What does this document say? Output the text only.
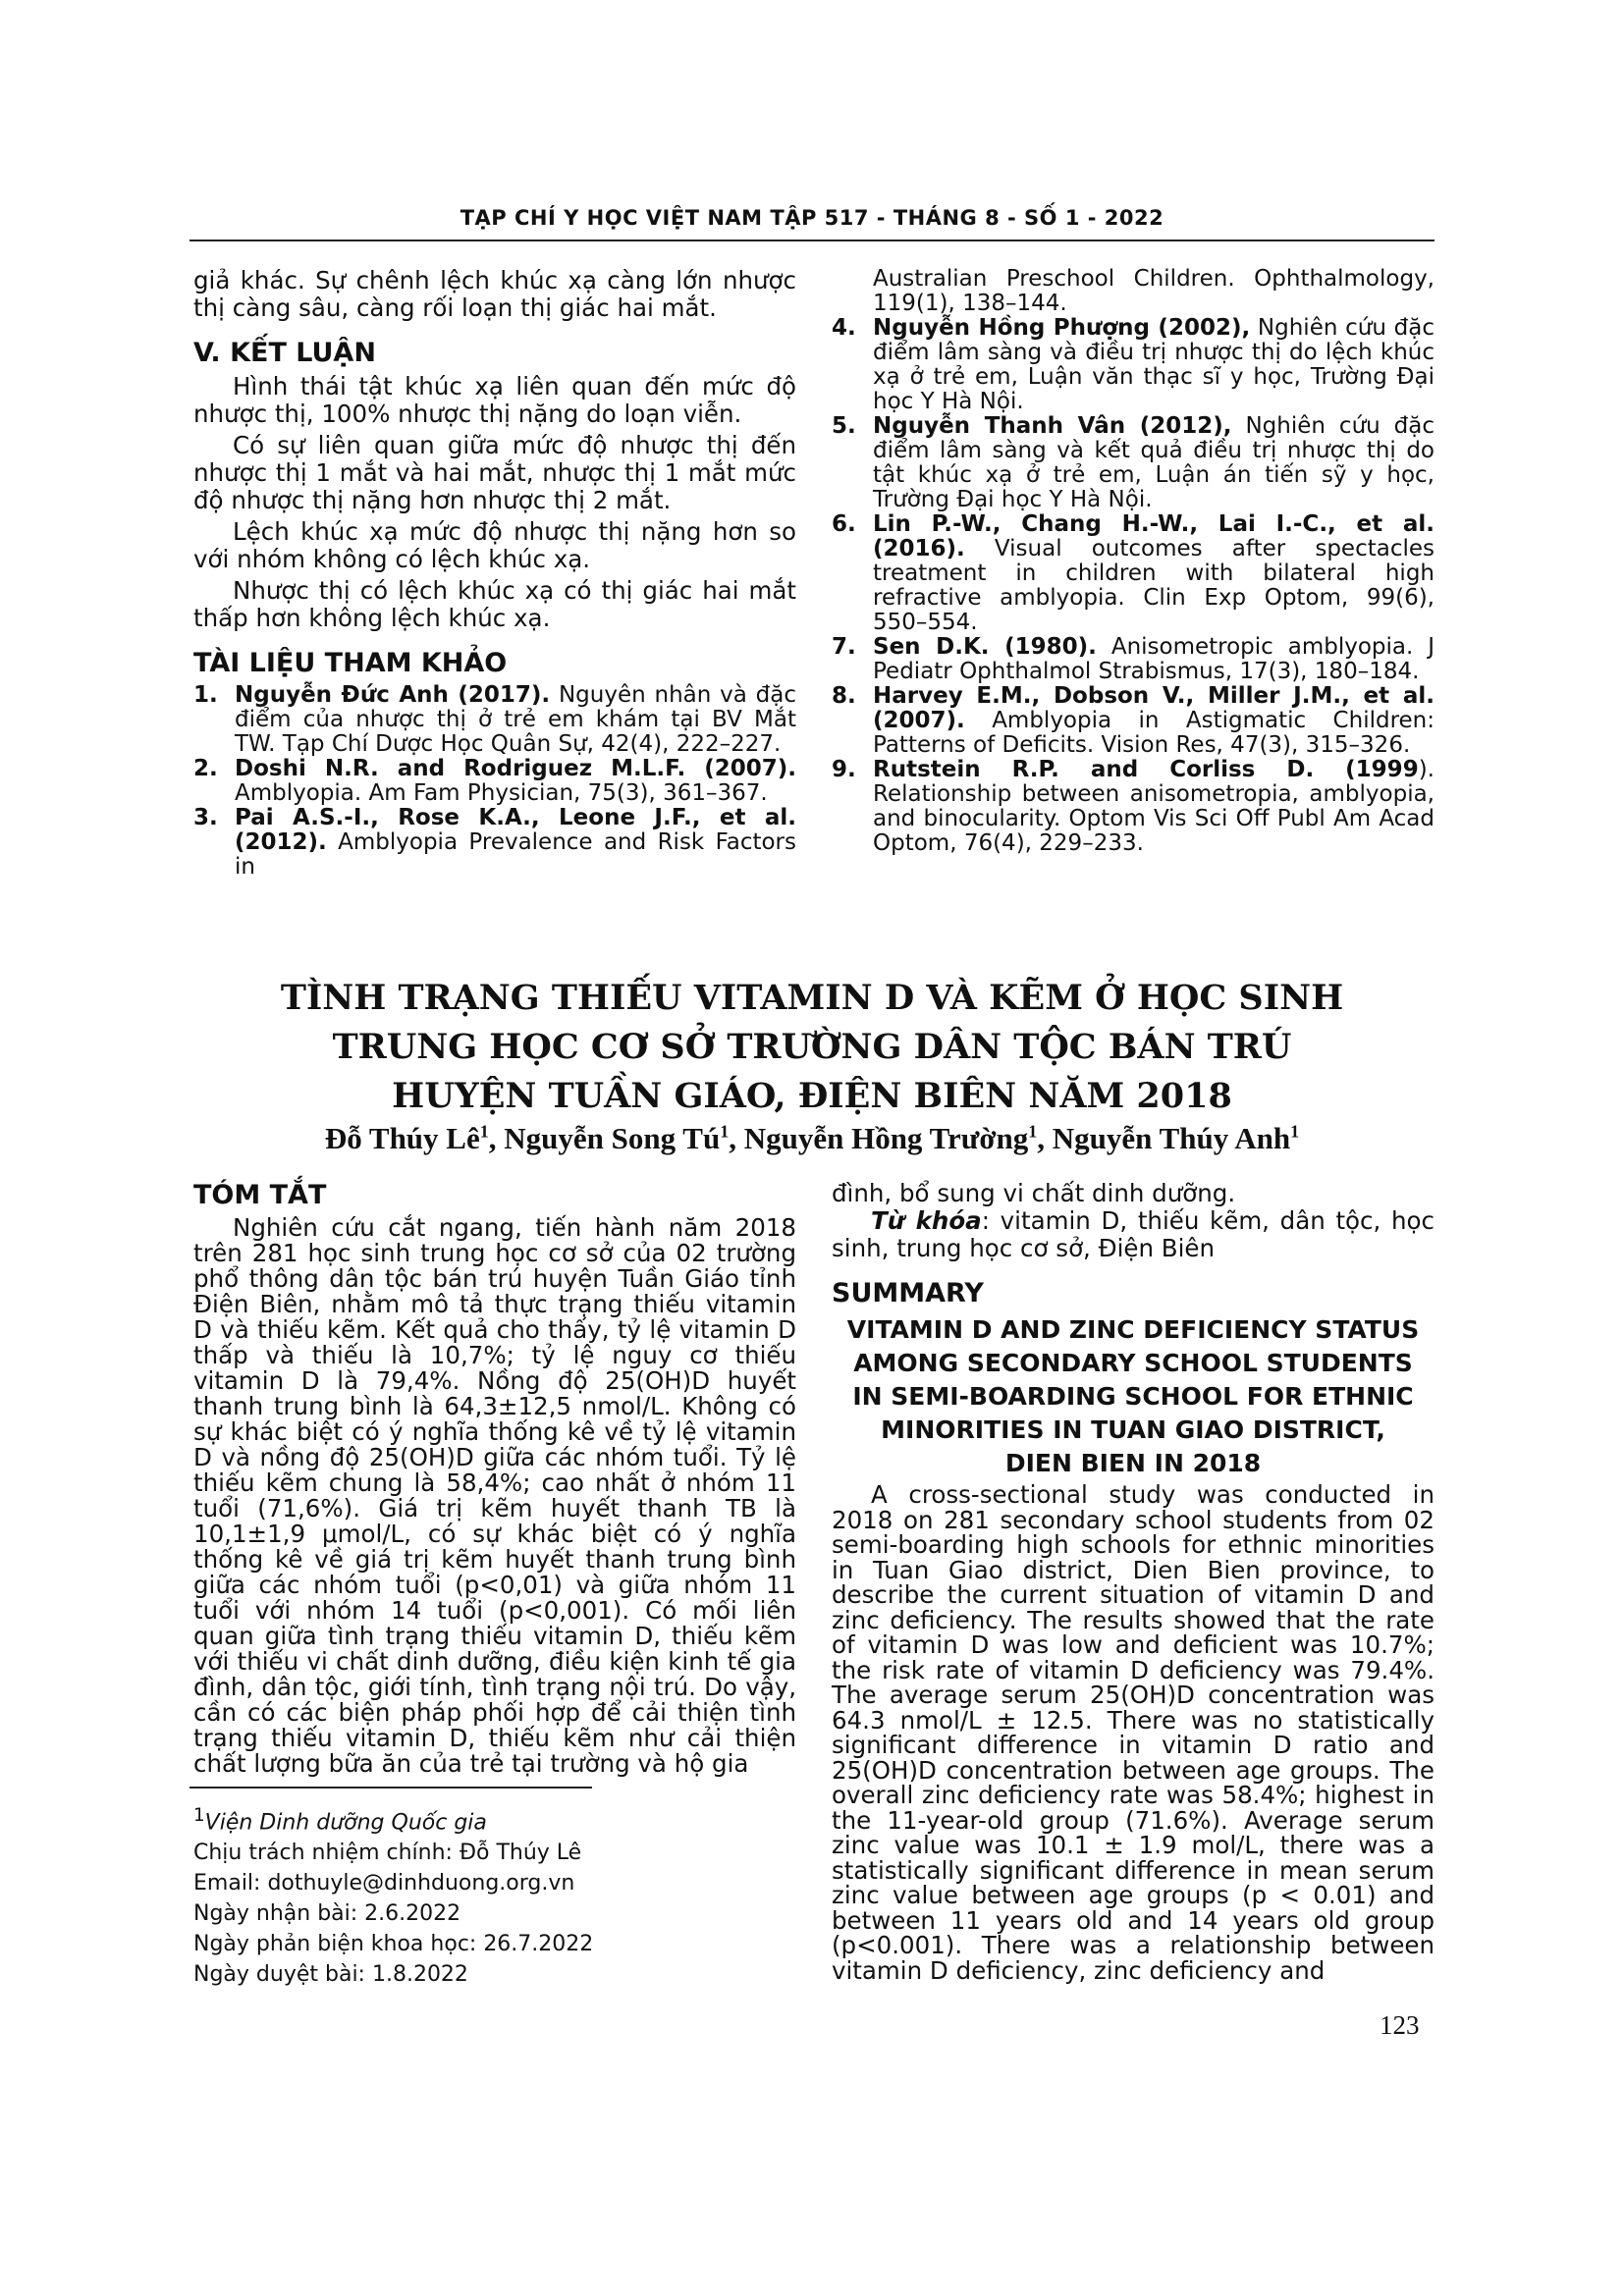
TẠP CHÍ Y HỌC VIỆT NAM TẬP 517 - THÁNG 8 - SỐ 1 - 2022

giả khác. Sự chênh lệch khúc xạ càng lớn nhược thị càng sâu, càng rối loạn thị giác hai mắt.

V. KẾT LUẬN

Hình thái tật khúc xạ liên quan đến mức độ nhược thị, 100% nhược thị nặng do loạn viễn.

Có sự liên quan giữa mức độ nhược thị đến nhược thị 1 mắt và hai mắt, nhược thị 1 mắt mức độ nhược thị nặng hơn nhược thị 2 mắt.

Lệch khúc xạ mức độ nhược thị nặng hơn so với nhóm không có lệch khúc xạ.

Nhược thị có lệch khúc xạ có thị giác hai mắt thấp hơn không lệch khúc xạ.

TÀI LIỆU THAM KHẢO
1. Nguyễn Đức Anh (2017). Nguyên nhân và đặc điểm của nhược thị ở trẻ em khám tại BV Mắt TW. Tạp Chí Dược Học Quân Sự, 42(4), 222–227.
2. Doshi N.R. and Rodriguez M.L.F. (2007). Amblyopia. Am Fam Physician, 75(3), 361–367.
3. Pai A.S.-I., Rose K.A., Leone J.F., et al. (2012). Amblyopia Prevalence and Risk Factors in
Australian Preschool Children. Ophthalmology, 119(1), 138–144.
4. Nguyễn Hồng Phượng (2002), Nghiên cứu đặc điểm lâm sàng và điều trị nhược thị do lệch khúc xạ ở trẻ em, Luận văn thạc sĩ y học, Trường Đại học Y Hà Nội.
5. Nguyễn Thanh Vân (2012), Nghiên cứu đặc điểm lâm sàng và kết quả điều trị nhược thị do tật khúc xạ ở trẻ em, Luận án tiến sỹ y học, Trường Đại học Y Hà Nội.
6. Lin P.-W., Chang H.-W., Lai I.-C., et al. (2016). Visual outcomes after spectacles treatment in children with bilateral high refractive amblyopia. Clin Exp Optom, 99(6), 550–554.
7. Sen D.K. (1980). Anisometropic amblyopia. J Pediatr Ophthalmol Strabismus, 17(3), 180–184.
8. Harvey E.M., Dobson V., Miller J.M., et al. (2007). Amblyopia in Astigmatic Children: Patterns of Deficits. Vision Res, 47(3), 315–326.
9. Rutstein R.P. and Corliss D. (1999). Relationship between anisometropia, amblyopia, and binocularity. Optom Vis Sci Off Publ Am Acad Optom, 76(4), 229–233.
TÌNH TRẠNG THIẾU VITAMIN D VÀ KẼM Ở HỌC SINH
TRUNG HỌC CƠ SỞ TRƯỜNG DÂN TỘC BÁN TRÚ
HUYỆN TUẦN GIÁO, ĐIỆN BIÊN NĂM 2018
Đỗ Thúy $Lê^1$, Nguyễn Song $Tú^1$, Nguyễn Hồng Trường$^1$, Nguyễn Thúy Anh$^1$
TÓM TẮT

Nghiên cứu cắt ngang, tiến hành năm 2018 trên 281 học sinh trung học cơ sở của 02 trường phổ thông dân tộc bán trú huyện Tuần Giáo tỉnh Điện Biên, nhằm mô tả thực trạng thiếu vitamin D và thiếu kẽm. Kết quả cho thấy, tỷ lệ vitamin D thấp và thiếu là 10,7%; tỷ lệ nguy cơ thiếu vitamin D là 79,4%. Nồng độ 25(OH)D huyết thanh trung bình là 64,3±12,5 nmol/L. Không có sự khác biệt có ý nghĩa thống kê về tỷ lệ vitamin D và nồng độ 25(OH)D giữa các nhóm tuổi. Tỷ lệ thiếu kẽm chung là 58,4%; cao nhất ở nhóm 11 tuổi (71,6%). Giá trị kẽm huyết thanh TB là 10,1±1,9 μmol/L, có sự khác biệt có ý nghĩa thống kê về giá trị kẽm huyết thanh trung bình giữa các nhóm tuổi (p<0,01) và giữa nhóm 11 tuổi với nhóm 14 tuổi (p<0,001). Có mối liên quan giữa tình trạng thiếu vitamin D, thiếu kẽm với thiếu vi chất dinh dưỡng, điều kiện kinh tế gia đình, dân tộc, giới tính, tình trạng nội trú. Do vậy, cần có các biện pháp phối hợp để cải thiện tình trạng thiếu vitamin D, thiếu kẽm như cải thiện chất lượng bữa ăn của trẻ tại trường và hộ gia

đình, bổ sung vi chất dinh dưỡng.

Từ khóa: vitamin D, thiếu kẽm, dân tộc, học sinh, trung học cơ sở, Điện Biên

SUMMARY
VITAMIN D AND ZINC DEFICIENCY STATUS
AMONG SECONDARY SCHOOL STUDENTS
IN SEMI-BOARDING SCHOOL FOR ETHNIC
MINORITIES IN TUAN GIAO DISTRICT,
DIEN BIEN IN 2018

A cross-sectional study was conducted in 2018 on 281 secondary school students from 02 semi-boarding high schools for ethnic minorities in Tuan Giao district, Dien Bien province, to describe the current situation of vitamin D and zinc deficiency. The results showed that the rate of vitamin D was low and deficient was 10.7%; the risk rate of vitamin D deficiency was 79.4%. The average serum 25(OH)D concentration was 64.3 nmol/L ± 12.5. There was no statistically significant difference in vitamin D ratio and 25(OH)D concentration between age groups. The overall zinc deficiency rate was 58.4%; highest in the 11-year-old group (71.6%). Average serum zinc value was 10.1 ± 1.9 mol/L, there was a statistically significant difference in mean serum zinc value between age groups (p < 0.01) and between 11 years old and 14 years old group (p<0.001). There was a relationship between vitamin D deficiency, zinc deficiency and

$^1$Viện Dinh dưỡng Quốc gia

Chịu trách nhiệm chính: Đỗ Thúy Lê

Email: dothuyle@dinhduong.org.vn

Ngày nhận bài: 2.6.2022

Ngày phản biện khoa học: 26.7.2022

Ngày duyệt bài: 1.8.2022

123
